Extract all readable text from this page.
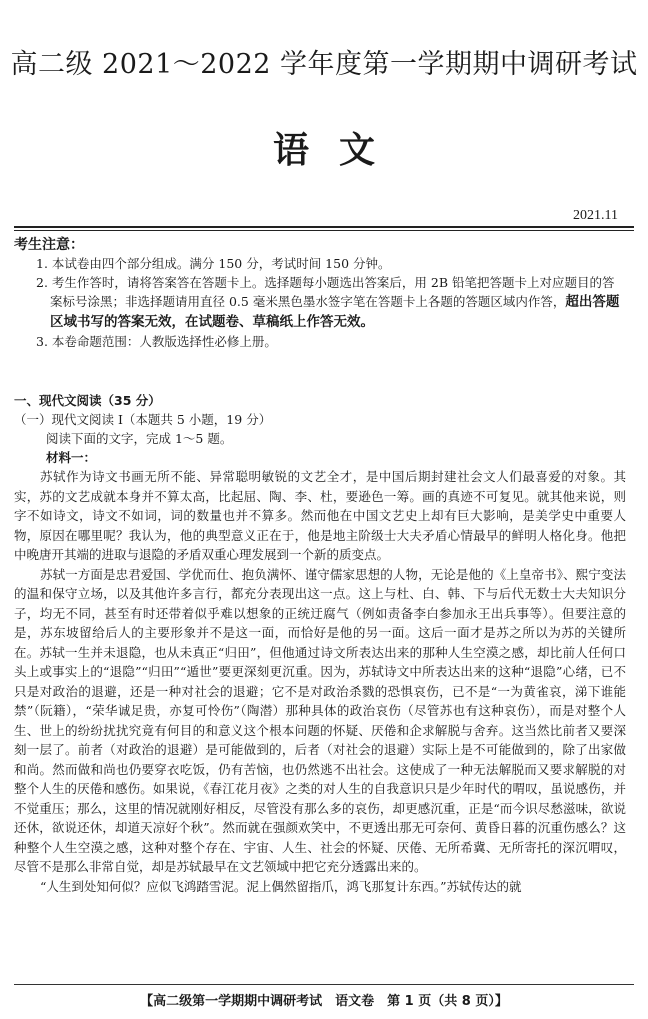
高二级 2021～2022 学年度第一学期期中调研考试
语文
2021.11
考生注意：

1. 本试卷由四个部分组成。满分 150 分，考试时间 150 分钟。

2. 考生作答时，请将答案答在答题卡上。选择题每小题选出答案后，用 2B 铅笔把答题卡上对应题目的答案标号涂黑；非选择题请用直径 0.5 毫米黑色墨水签字笔在答题卡上各题的答题区域内作答，超出答题区域书写的答案无效，在试题卷、草稿纸上作答无效。

3. 本卷命题范围：人教版选择性必修上册。

一、现代文阅读（35 分）

（一）现代文阅读 Ⅰ（本题共 5 小题，19 分）

阅读下面的文字，完成 1～5 题。

材料一：

苏轼作为诗文书画无所不能、异常聪明敏锐的文艺全才，是中国后期封建社会文人们最喜爱的对象。其实，苏的文艺成就本身并不算太高，比起屈、陶、李、杜，要逊色一筹。画的真迹不可复见。就其他来说，则字不如诗文，诗文不如词，词的数量也并不算多。然而他在中国文艺史上却有巨大影响，是美学史中重要人物，原因在哪里呢？我认为，他的典型意义正在于，他是地主阶级士大夫矛盾心情最早的鲜明人格化身。他把中晚唐开其端的进取与退隐的矛盾双重心理发展到一个新的质变点。

苏轼一方面是忠君爱国、学优而仕、抱负满怀、谨守儒家思想的人物，无论是他的《上皇帝书》、熙宁变法的温和保守立场，以及其他许多言行，都充分表现出这一点。这上与杜、白、韩、下与后代无数士大夫知识分子，均无不同，甚至有时还带着似乎难以想象的正统迂腐气（例如责备李白参加永王出兵事等）。但要注意的是，苏东坡留给后人的主要形象并不是这一面，而恰好是他的另一面。这后一面才是苏之所以为苏的关键所在。苏轼一生并未退隐，也从未真正“归田”，但他通过诗文所表达出来的那种人生空漠之感，却比前人任何口头上或事实上的“退隐”“归田”“遁世”要更深刻更沉重。因为，苏轼诗文中所表达出来的这种“退隐”心绪，已不只是对政治的退避，还是一种对社会的退避；它不是对政治杀戮的恐惧哀伤，已不是“一为黄雀哀，涕下谁能禁”（阮籍），“荣华诚足贵，亦复可怜伤”（陶潜）那种具体的政治哀伤（尽管苏也有这种哀伤），而是对整个人生、世上的纷纷扰扰究竟有何目的和意义这个根本问题的怀疑、厌倦和企求解脱与舍弃。这当然比前者又要深刻一层了。前者（对政治的退避）是可能做到的，后者（对社会的退避）实际上是不可能做到的，除了出家做和尚。然而做和尚也仍要穿衣吃饭，仍有苦恼，也仍然逃不出社会。这使成了一种无法解脱而又要求解脱的对整个人生的厌倦和感伤。如果说，《春江花月夜》之类的对人生的自我意识只是少年时代的喟叹，虽说感伤，并不觉重压；那么，这里的情况就刚好相反，尽管没有那么多的哀伤，却更感沉重，正是“而今识尽愁滋味，欲说还休，欲说还休，却道天凉好个秋”。然而就在强颜欢笑中，不更透出那无可奈何、黄昏日暮的沉重伤感么？这种整个人生空漠之感，这种对整个存在、宇宙、人生、社会的怀疑、厌倦、无所希冀、无所寄托的深沉喟叹，尽管不是那么非常自觉，却是苏轼最早在文艺领域中把它充分透露出来的。

“人生到处知何似？应似飞鸿踏雪泥。泥上偶然留指爪，鸿飞那复计东西。”苏轼传达的就

【高二级第一学期期中调研考试　语文卷　第 1 页（共 8 页）】
